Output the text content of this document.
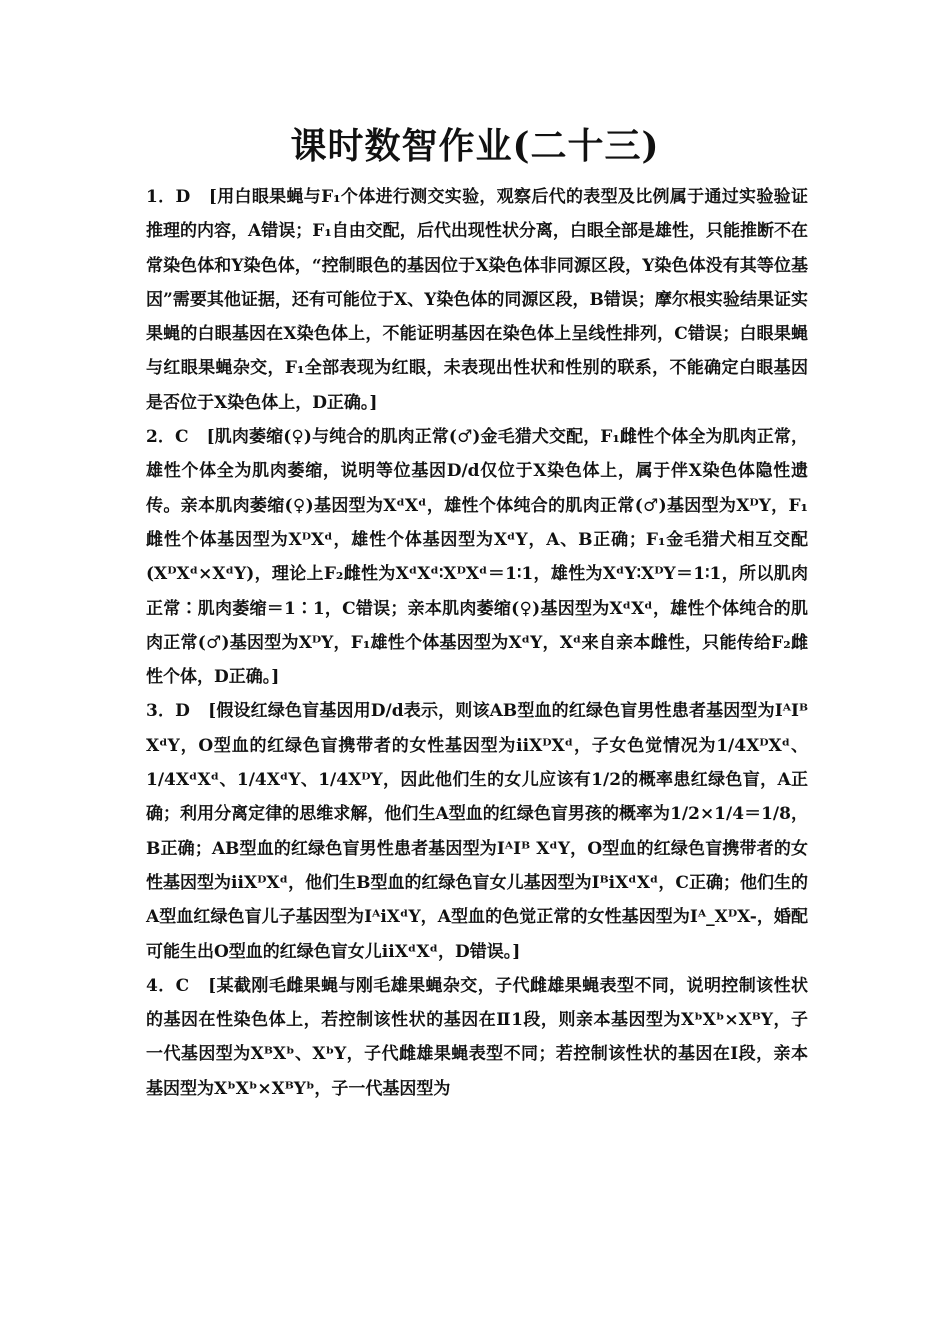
课时数智作业(二十三)

1．D [用白眼果蝇与F₁个体进行测交实验，观察后代的表型及比例属于通过实验验证推理的内容，A错误；F₁自由交配，后代出现性状分离，白眼全部是雄性，只能推断不在常染色体和Y染色体，“控制眼色的基因位于X染色体非同源区段，Y染色体没有其等位基因”需要其他证据，还有可能位于X、Y染色体的同源区段，B错误；摩尔根实验结果证实果蝇的白眼基因在X染色体上，不能证明基因在染色体上呈线性排列，C错误；白眼果蝇与红眼果蝇杂交，F₁全部表现为红眼，未表现出性状和性别的联系，不能确定白眼基因是否位于X染色体上，D正确。]

2．C [肌肉萎缩(♀)与纯合的肌肉正常(♂)金毛猎犬交配，F₁雌性个体全为肌肉正常，雄性个体全为肌肉萎缩，说明等位基因D/d仅位于X染色体上，属于伴X染色体隐性遗传。亲本肌肉萎缩(♀)基因型为XᵈXᵈ，雄性个体纯合的肌肉正常(♂)基因型为XᴰY，F₁雌性个体基因型为XᴰXᵈ，雄性个体基因型为XᵈY，A、B正确；F₁金毛猎犬相互交配(XᴰXᵈ×XᵈY)，理论上F₂雌性为XᵈXᵈ∶XᴰXᵈ＝1∶1，雄性为XᵈY∶XᴰY＝1∶1，所以肌肉正常∶肌肉萎缩＝1∶1，C错误；亲本肌肉萎缩(♀)基因型为XᵈXᵈ，雄性个体纯合的肌肉正常(♂)基因型为XᴰY，F₁雄性个体基因型为XᵈY，Xᵈ来自亲本雌性，只能传给F₂雌性个体，D正确。]

3．D [假设红绿色盲基因用D/d表示，则该AB型血的红绿色盲男性患者基因型为IᴬIᴮ XᵈY，O型血的红绿色盲携带者的女性基因型为iiXᴰXᵈ，子女色觉情况为1/4XᴰXᵈ、1/4XᵈXᵈ、1/4XᵈY、1/4XᴰY，因此他们生的女儿应该有1/2的概率患红绿色盲，A正确；利用分离定律的思维求解，他们生A型血的红绿色盲男孩的概率为1/2×1/4＝1/8，B正确；AB型血的红绿色盲男性患者基因型为IᴬIᴮ XᵈY，O型血的红绿色盲携带者的女性基因型为iiXᴰXᵈ，他们生B型血的红绿色盲女儿基因型为IᴮiXᵈXᵈ，C正确；他们生的A型血红绿色盲儿子基因型为IᴬiXᵈY，A型血的色觉正常的女性基因型为Iᴬ_XᴰX-，婚配可能生出O型血的红绿色盲女儿iiXᵈXᵈ，D错误。]

4．C [某截刚毛雌果蝇与刚毛雄果蝇杂交，子代雌雄果蝇表型不同，说明控制该性状的基因在性染色体上，若控制该性状的基因在Ⅱ1段，则亲本基因型为XᵇXᵇ×XᴮY，子一代基因型为XᴮXᵇ、XᵇY，子代雌雄果蝇表型不同；若控制该性状的基因在Ⅰ段，亲本基因型为XᵇXᵇ×XᴮYᵇ，子一代基因型为
